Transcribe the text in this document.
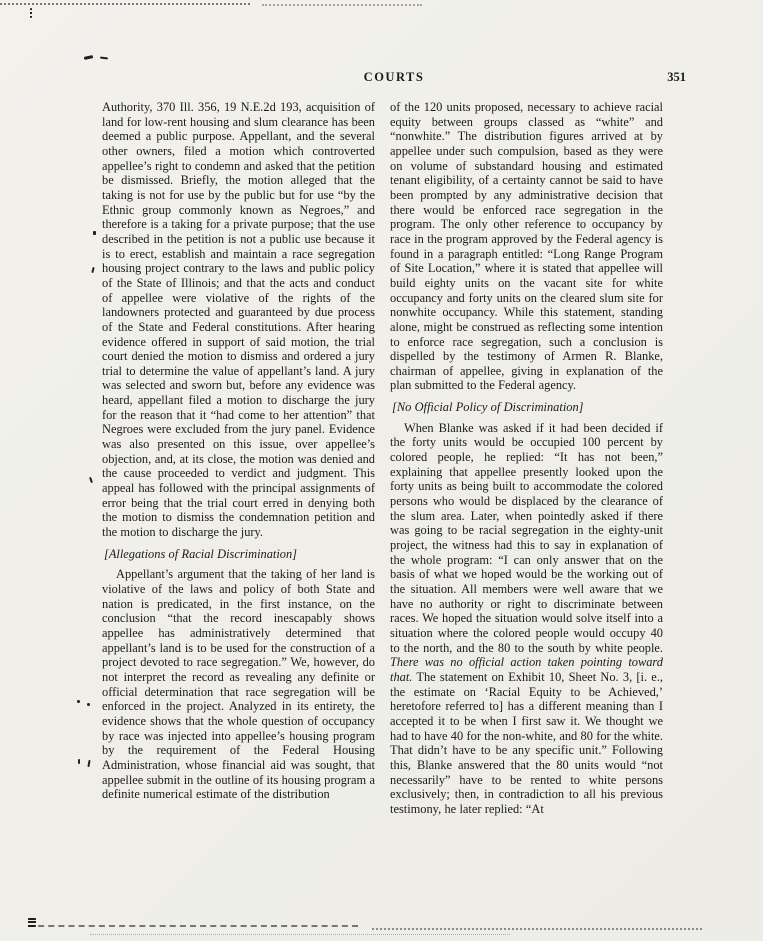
COURTS	351

Authority, 370 Ill. 356, 19 N.E.2d 193, acquisition of land for low-rent housing and slum clearance has been deemed a public purpose. Appellant, and the several other owners, filed a motion which controverted appellee’s right to condemn and asked that the petition be dismissed. Briefly, the motion alleged that the taking is not for use by the public but for use “by the Ethnic group commonly known as Negroes,” and therefore is a taking for a private purpose; that the use described in the petition is not a public use because it is to erect, establish and maintain a race segregation housing project contrary to the laws and public policy of the State of Illinois; and that the acts and conduct of appellee were violative of the rights of the landowners protected and guaranteed by due process of the State and Federal constitutions. After hearing evidence offered in support of said motion, the trial court denied the motion to dismiss and ordered a jury trial to determine the value of appellant’s land. A jury was selected and sworn but, before any evidence was heard, appellant filed a motion to discharge the jury for the reason that it “had come to her attention” that Negroes were excluded from the jury panel. Evidence was also presented on this issue, over appellee’s objection, and, at its close, the motion was denied and the cause proceeded to verdict and judgment. This appeal has followed with the principal assignments of error being that the trial court erred in denying both the motion to dismiss the condemnation petition and the motion to discharge the jury.

[Allegations of Racial Discrimination]

Appellant’s argument that the taking of her land is violative of the laws and policy of both State and nation is predicated, in the first instance, on the conclusion “that the record inescapably shows appellee has administratively determined that appellant’s land is to be used for the construction of a project devoted to race segregation.” We, however, do not interpret the record as revealing any definite or official determination that race segregation will be enforced in the project. Analyzed in its entirety, the evidence shows that the whole question of occupancy by race was injected into appellee’s housing program by the requirement of the Federal Housing Administration, whose financial aid was sought, that appellee submit in the outline of its housing program a definite numerical estimate of the distribution

of the 120 units proposed, necessary to achieve racial equity between groups classed as “white” and “nonwhite.” The distribution figures arrived at by appellee under such compulsion, based as they were on volume of substandard housing and estimated tenant eligibility, of a certainty cannot be said to have been prompted by any administrative decision that there would be enforced race segregation in the program. The only other reference to occupancy by race in the program approved by the Federal agency is found in a paragraph entitled: “Long Range Program of Site Location,” where it is stated that appellee will build eighty units on the vacant site for white occupancy and forty units on the cleared slum site for nonwhite occupancy. While this statement, standing alone, might be construed as reflecting some intention to enforce race segregation, such a conclusion is dispelled by the testimony of Armen R. Blanke, chairman of appellee, giving in explanation of the plan submitted to the Federal agency.

[No Official Policy of Discrimination]

When Blanke was asked if it had been decided if the forty units would be occupied 100 percent by colored people, he replied: “It has not been,” explaining that appellee presently looked upon the forty units as being built to accommodate the colored persons who would be displaced by the clearance of the slum area. Later, when pointedly asked if there was going to be racial segregation in the eighty-unit project, the witness had this to say in explanation of the whole program: “I can only answer that on the basis of what we hoped would be the working out of the situation. All members were well aware that we have no authority or right to discriminate between races. We hoped the situation would solve itself into a situation where the colored people would occupy 40 to the north, and the 80 to the south by white people. There was no official action taken pointing toward that. The statement on Exhibit 10, Sheet No. 3, [i. e., the estimate on ‘Racial Equity to be Achieved,’ heretofore referred to] has a different meaning than I accepted it to be when I first saw it. We thought we had to have 40 for the non-white, and 80 for the white. That didn’t have to be any specific unit.” Following this, Blanke answered that the 80 units would “not necessarily” have to be rented to white persons exclusively; then, in contradiction to all his previous testimony, he later replied: “At
